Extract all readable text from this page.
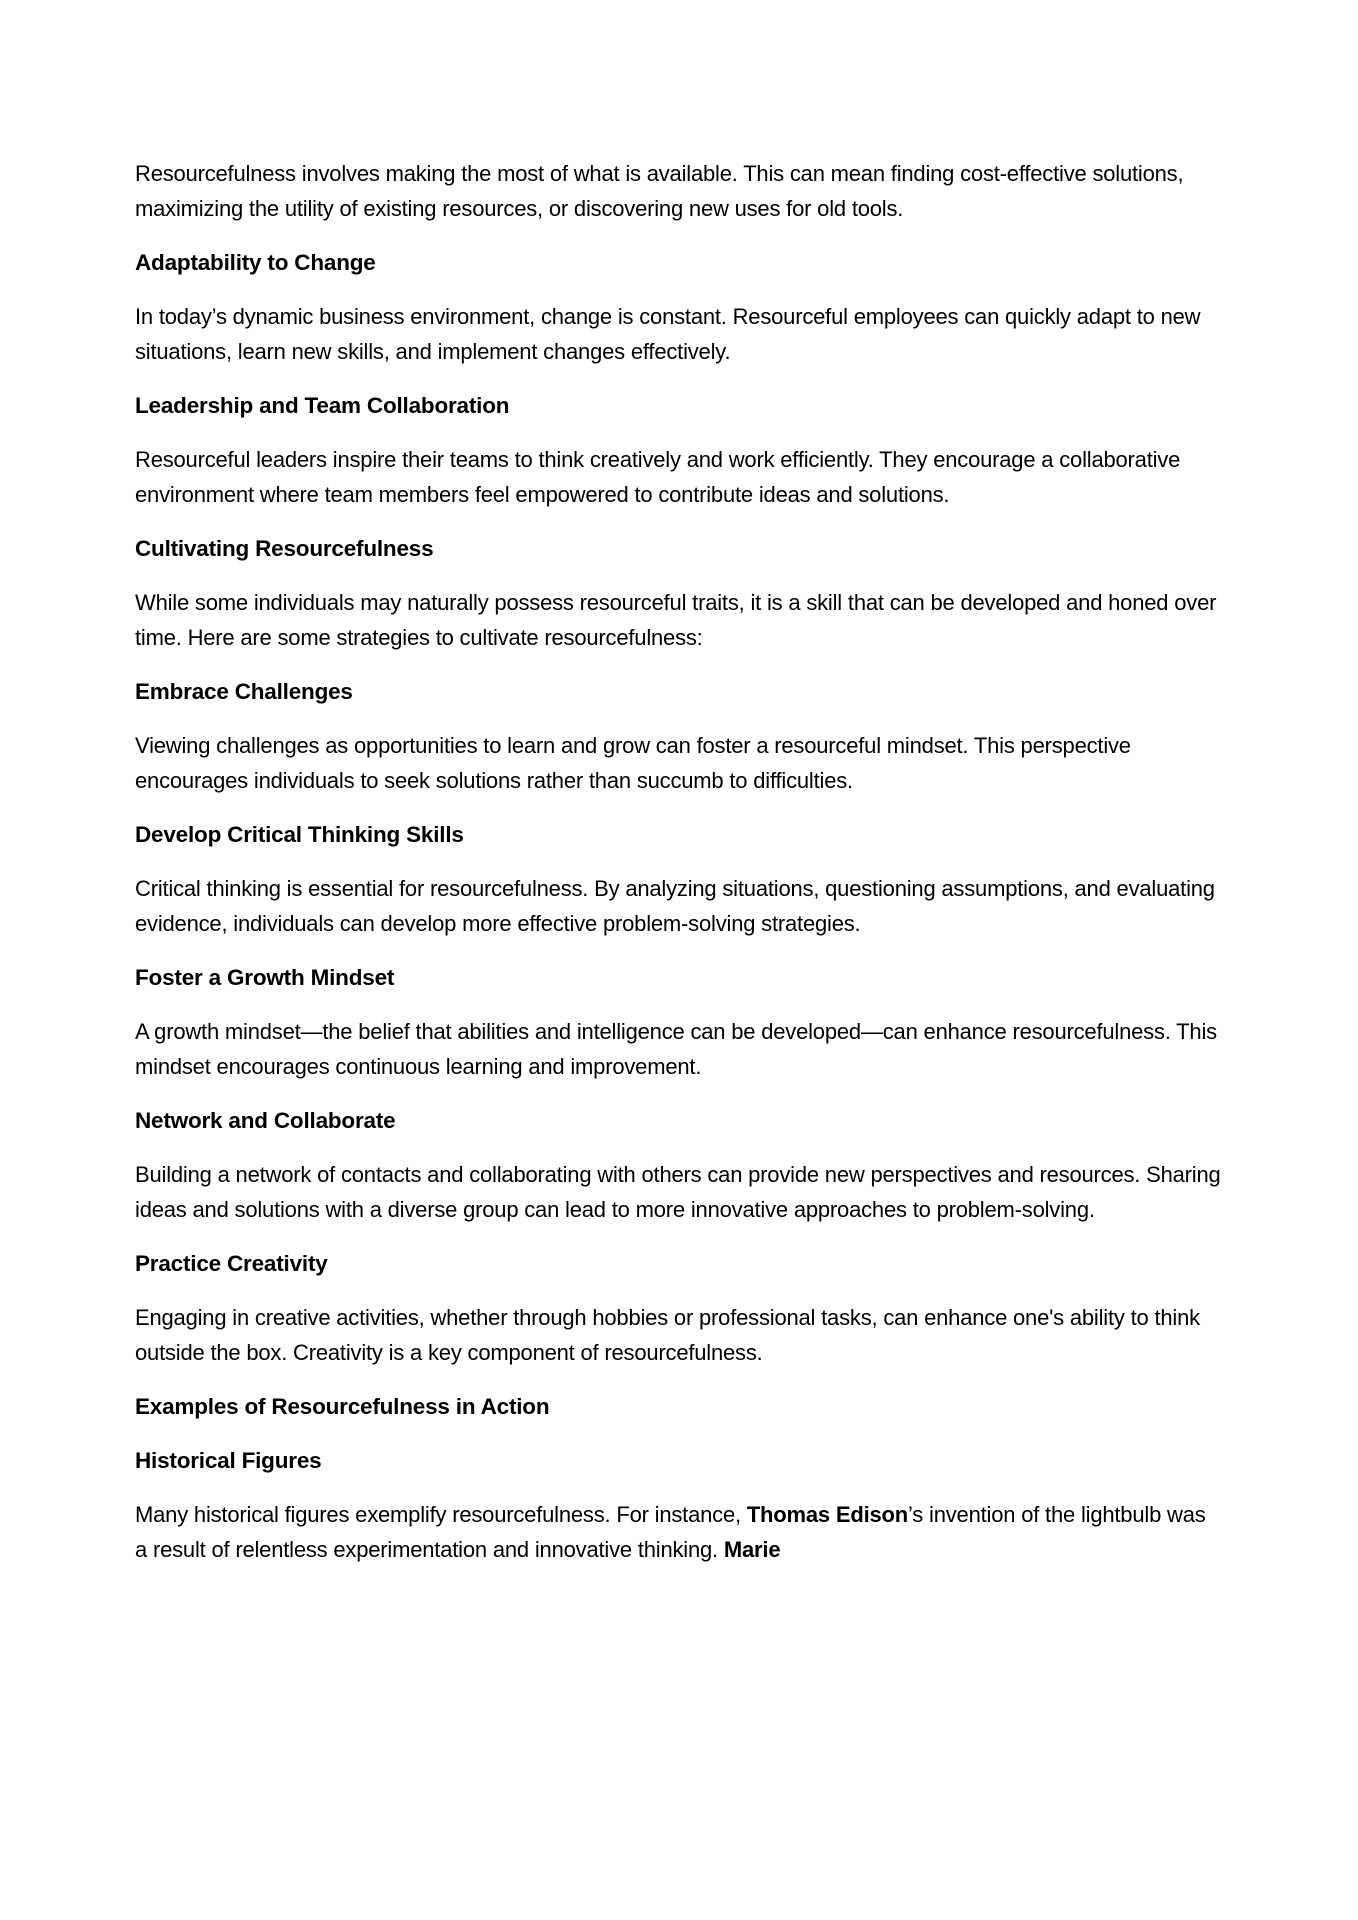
Resourcefulness involves making the most of what is available. This can mean finding cost-effective solutions, maximizing the utility of existing resources, or discovering new uses for old tools.

Adaptability to Change

In today’s dynamic business environment, change is constant. Resourceful employees can quickly adapt to new situations, learn new skills, and implement changes effectively.

Leadership and Team Collaboration

Resourceful leaders inspire their teams to think creatively and work efficiently. They encourage a collaborative environment where team members feel empowered to contribute ideas and solutions.

Cultivating Resourcefulness

While some individuals may naturally possess resourceful traits, it is a skill that can be developed and honed over time. Here are some strategies to cultivate resourcefulness:

Embrace Challenges

Viewing challenges as opportunities to learn and grow can foster a resourceful mindset. This perspective encourages individuals to seek solutions rather than succumb to difficulties.

Develop Critical Thinking Skills

Critical thinking is essential for resourcefulness. By analyzing situations, questioning assumptions, and evaluating evidence, individuals can develop more effective problem-solving strategies.

Foster a Growth Mindset

A growth mindset—the belief that abilities and intelligence can be developed—can enhance resourcefulness. This mindset encourages continuous learning and improvement.

Network and Collaborate

Building a network of contacts and collaborating with others can provide new perspectives and resources. Sharing ideas and solutions with a diverse group can lead to more innovative approaches to problem-solving.

Practice Creativity

Engaging in creative activities, whether through hobbies or professional tasks, can enhance one's ability to think outside the box. Creativity is a key component of resourcefulness.

Examples of Resourcefulness in Action
Historical Figures

Many historical figures exemplify resourcefulness. For instance, Thomas Edison’s invention of the lightbulb was a result of relentless experimentation and innovative thinking. Marie
